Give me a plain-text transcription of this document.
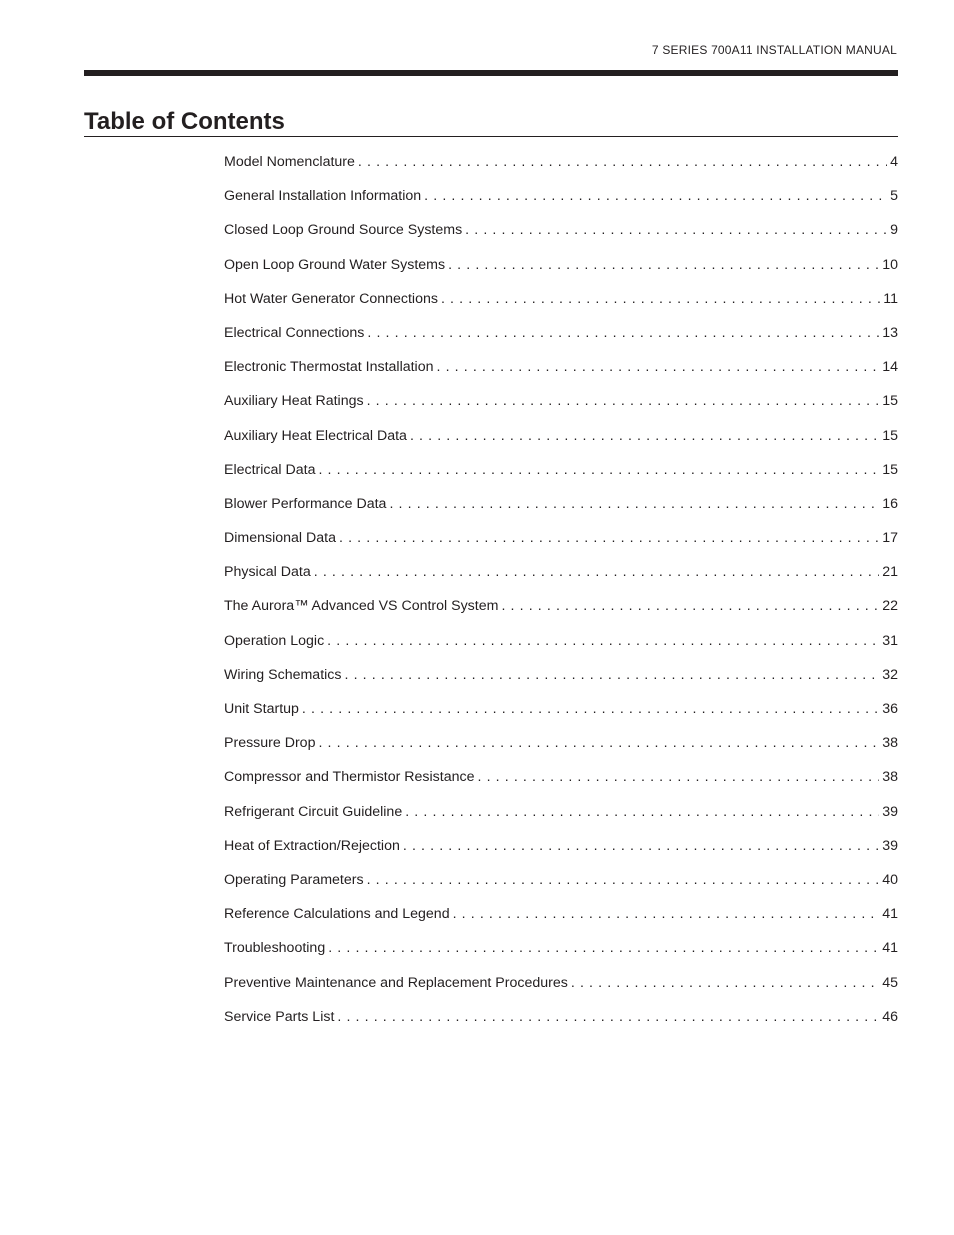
7 SERIES 700A11 INSTALLATION MANUAL
Table of Contents
Model Nomenclature . . .	4
General Installation Information . . .	5
Closed Loop Ground Source Systems . . .	9
Open Loop Ground Water Systems . . .	10
Hot Water Generator Connections . . .	11
Electrical Connections . . .	13
Electronic Thermostat Installation . . .	14
Auxiliary Heat Ratings . . .	15
Auxiliary Heat Electrical Data . . .	15
Electrical Data . . .	15
Blower Performance Data . . .	16
Dimensional Data . . .	17
Physical Data . . .	21
The Aurora™ Advanced VS Control System . . .	22
Operation Logic . . .	31
Wiring Schematics . . .	32
Unit Startup . . .	36
Pressure Drop . . .	38
Compressor and Thermistor Resistance . . .	38
Refrigerant Circuit Guideline . . .	39
Heat of Extraction/Rejection . . .	39
Operating Parameters . . .	40
Reference Calculations and Legend . . .	41
Troubleshooting . . .	41
Preventive Maintenance and Replacement Procedures . . .	45
Service Parts List . . .	46
